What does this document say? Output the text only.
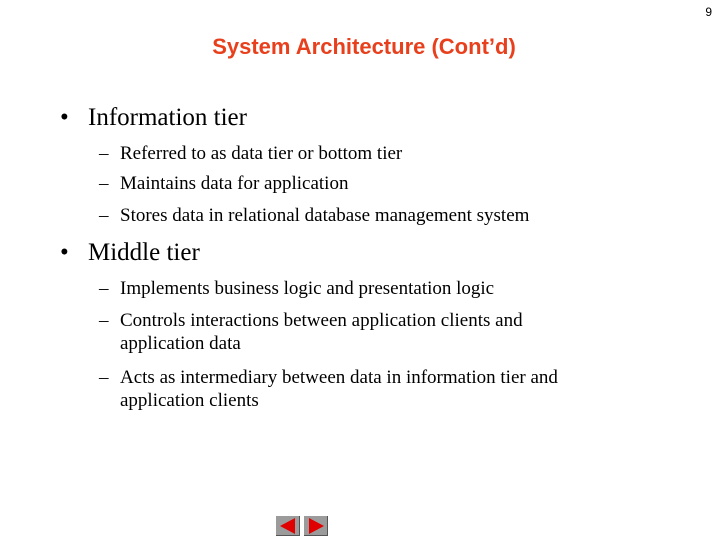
9
System Architecture (Cont’d)
• Information tier
– Referred to as data tier or bottom tier
– Maintains data for application
– Stores data in relational database management system
• Middle tier
– Implements business logic and presentation logic
– Controls interactions between application clients and application data
– Acts as intermediary between data in information tier and application clients
